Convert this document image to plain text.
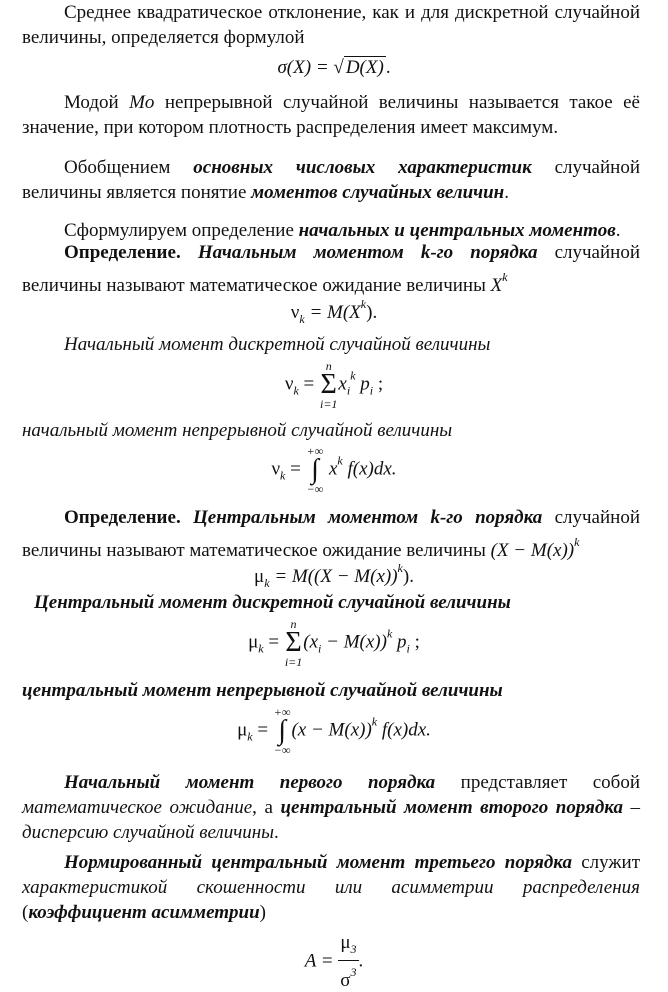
Среднее квадратическое отклонение, как и для дискретной случайной величины, определяется формулой

σ(X) = √ D(X) .

Модой Mo непрерывной случайной величины называется такое её значение, при котором плотность распределения имеет максимум.

Обобщением основных числовых характеристик случайной величины является понятие моментов случайных величин.

Сформулируем определение начальных и центральных моментов.

Определение. Начальным моментом k-го порядка случайной величины называют математическое ожидание величины $X^k$

$\nu_k = M(X^k)$.

Начальный момент дискретной случайной величины

$\nu_k$ =
n
Σ
i=1
$x_i^k$ $p_i$ ;

начальный момент непрерывной случайной величины

$\nu_k$ =
+∞
∫
−∞
$x^k$ f(x)dx.

Определение. Центральным моментом k-го порядка случайной величины называют математическое ожидание величины $(X - M(x))^k$

$\mu_k = M((X - M(x))^k)$.

Центральный момент дискретной случайной величины

$\mu_k$ =
n
Σ
i=1
$(x_i - M(x))^k$ $p_i$ ;

центральный момент непрерывной случайной величины

$\mu_k$ =
+∞
∫
−∞
$(x - M(x))^k$ f(x)dx.

Начальный момент первого порядка представляет собой математическое ожидание, а центральный момент второго порядка – дисперсию случайной величины.

Нормированный центральный момент третьего порядка служит характеристикой скошенности или асимметрии распределения (коэффициент асимметрии)

$A = \frac{\mu_3}{\sigma^3}$ .
